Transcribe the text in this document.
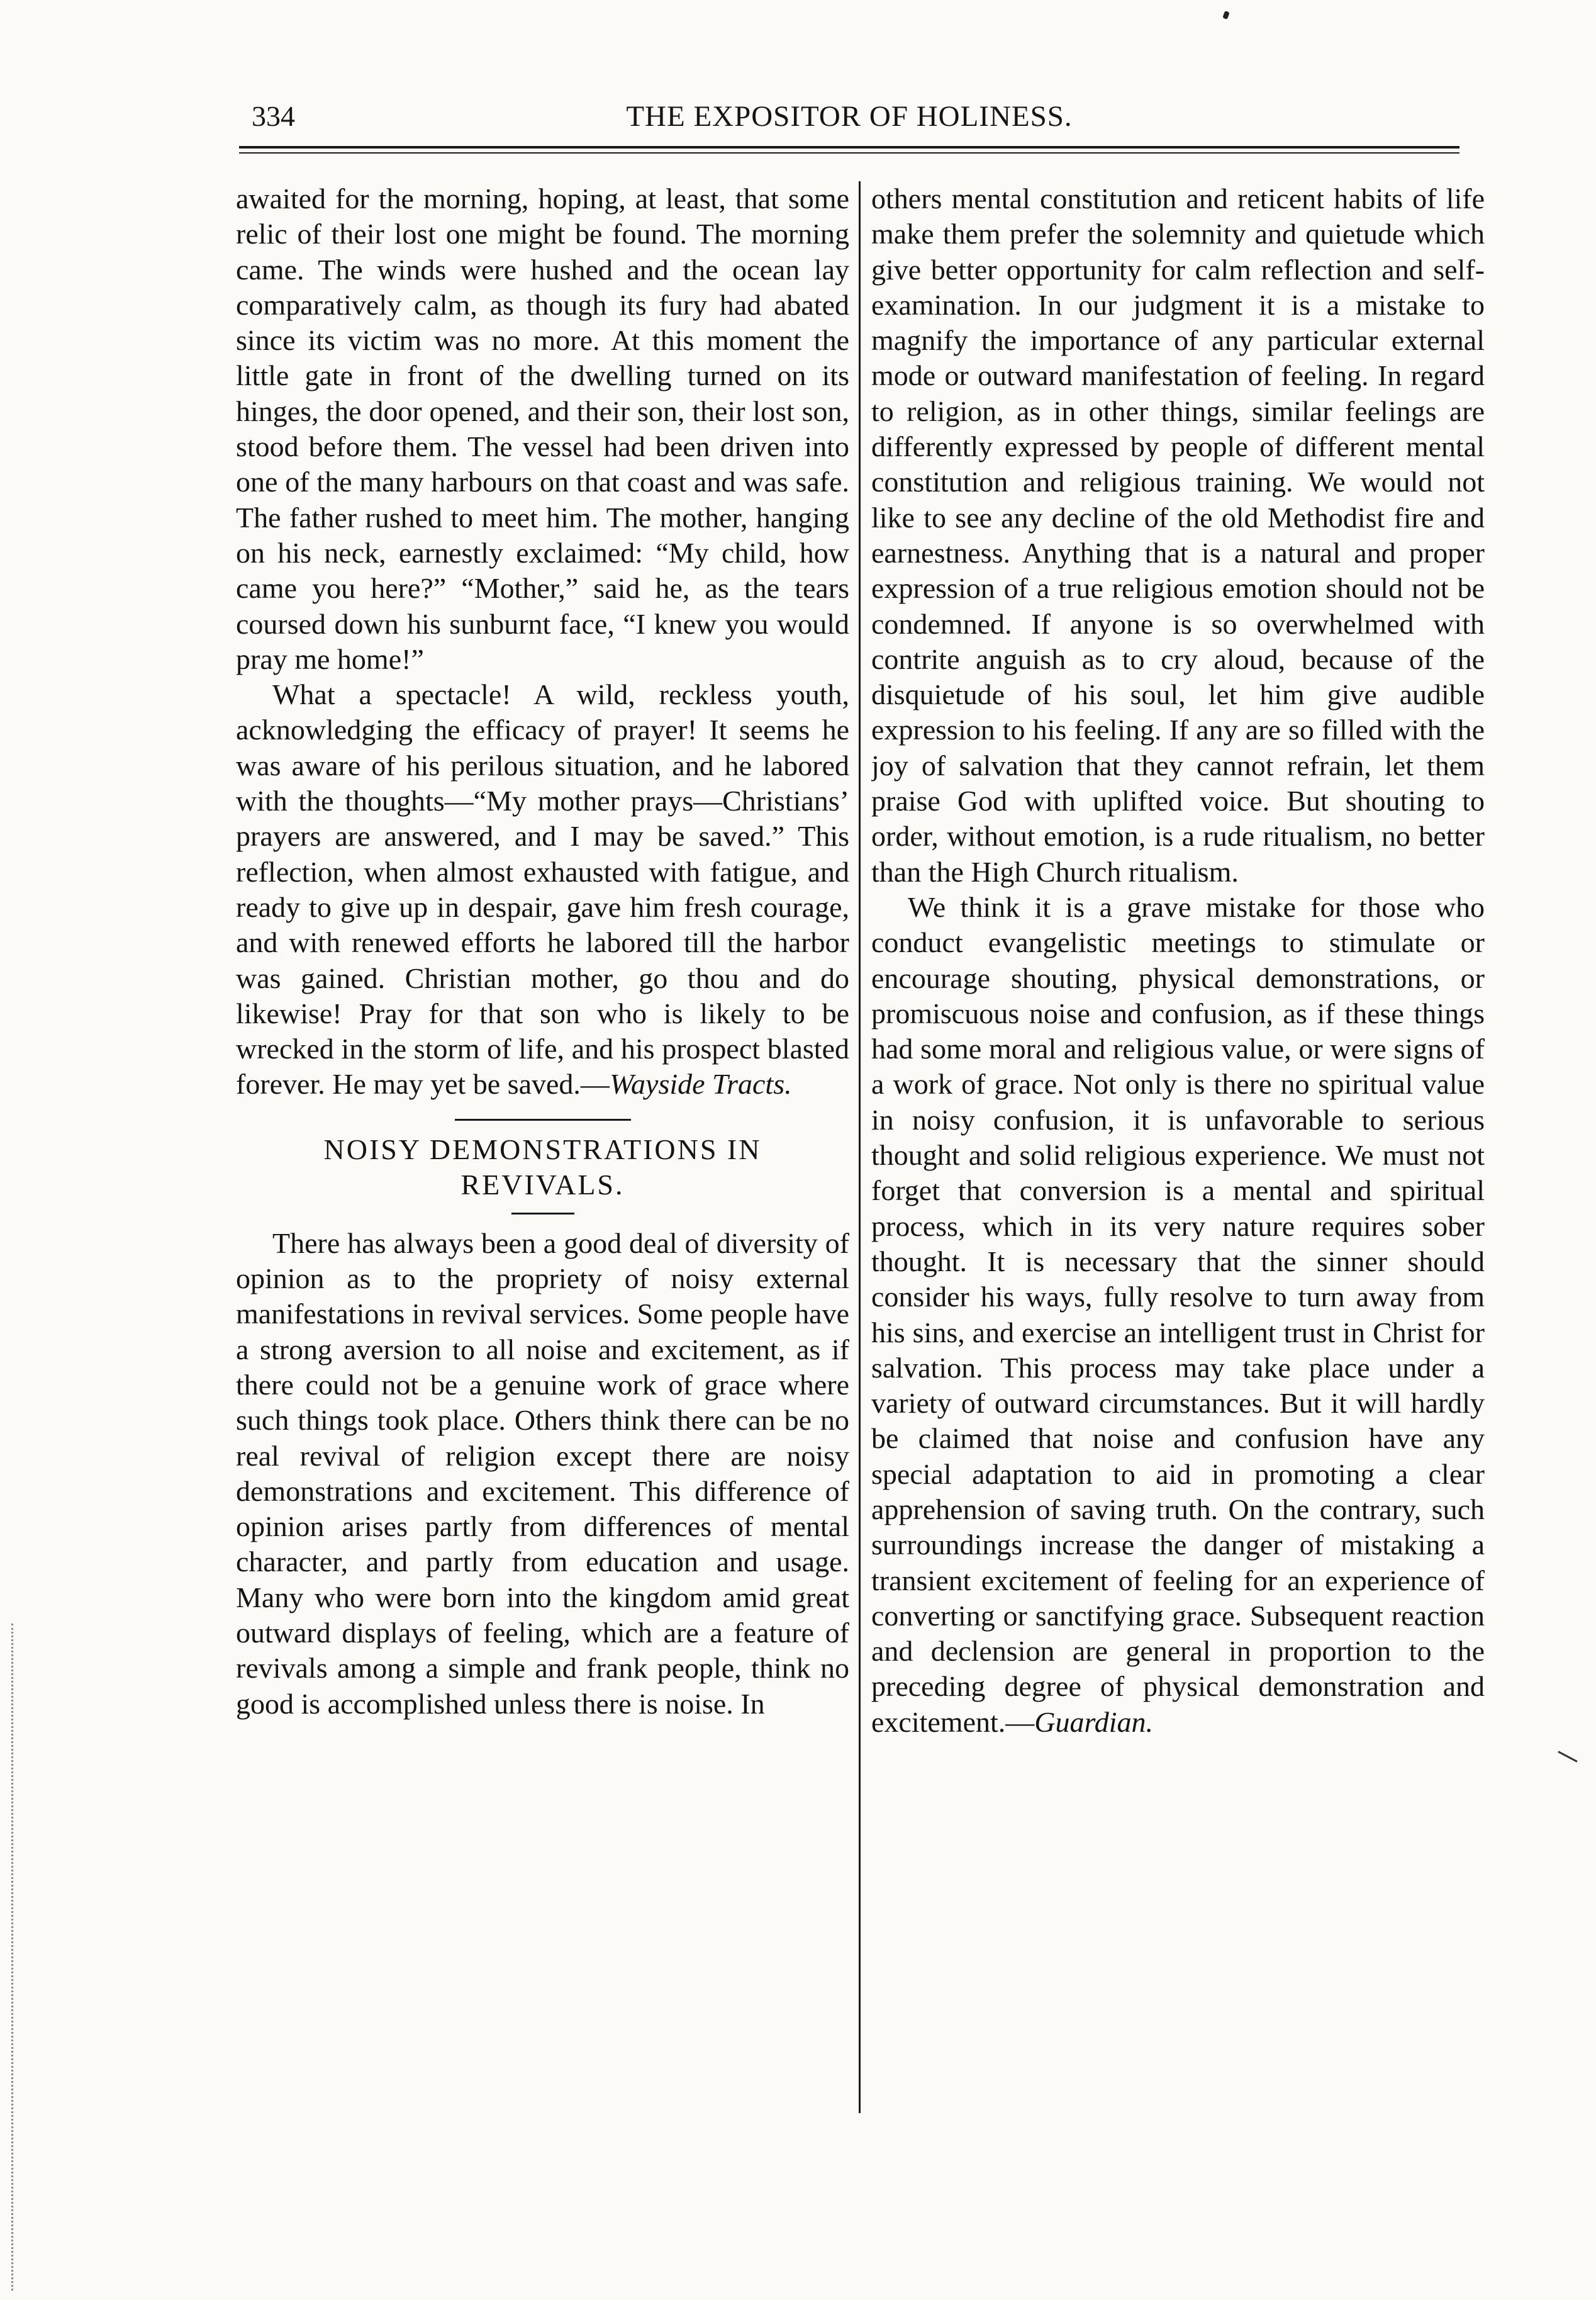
334	THE EXPOSITOR OF HOLINESS.

awaited for the morning, hoping, at least, that some relic of their lost one might be found. The morning came. The winds were hushed and the ocean lay comparatively calm, as though its fury had abated since its victim was no more. At this moment the little gate in front of the dwelling turned on its hinges, the door opened, and their son, their lost son, stood before them. The vessel had been driven into one of the many harbours on that coast and was safe. The father rushed to meet him. The mother, hanging on his neck, earnestly exclaimed: “My child, how came you here?” “Mother,” said he, as the tears coursed down his sunburnt face, “I knew you would pray me home!”

What a spectacle! A wild, reckless youth, acknowledging the efficacy of prayer! It seems he was aware of his perilous situation, and he labored with the thoughts—“My mother prays—Christians’ prayers are answered, and I may be saved.” This reflection, when almost exhausted with fatigue, and ready to give up in despair, gave him fresh courage, and with renewed efforts he labored till the harbor was gained. Christian mother, go thou and do likewise! Pray for that son who is likely to be wrecked in the storm of life, and his prospect blasted forever. He may yet be saved.—Wayside Tracts.

NOISY DEMONSTRATIONS IN REVIVALS.

There has always been a good deal of diversity of opinion as to the propriety of noisy external manifestations in revival services. Some people have a strong aversion to all noise and excitement, as if there could not be a genuine work of grace where such things took place. Others think there can be no real revival of religion except there are noisy demonstrations and excitement. This difference of opinion arises partly from differences of mental character, and partly from education and usage. Many who were born into the kingdom amid great outward displays of feeling, which are a feature of revivals among a simple and frank people, think no good is accomplished unless there is noise. In

others mental constitution and reticent habits of life make them prefer the solemnity and quietude which give better opportunity for calm reflection and self-examination. In our judgment it is a mistake to magnify the importance of any particular external mode or outward manifestation of feeling. In regard to religion, as in other things, similar feelings are differently expressed by people of different mental constitution and religious training. We would not like to see any decline of the old Methodist fire and earnestness. Anything that is a natural and proper expression of a true religious emotion should not be condemned. If anyone is so overwhelmed with contrite anguish as to cry aloud, because of the disquietude of his soul, let him give audible expression to his feeling. If any are so filled with the joy of salvation that they cannot refrain, let them praise God with uplifted voice. But shouting to order, without emotion, is a rude ritualism, no better than the High Church ritualism.

We think it is a grave mistake for those who conduct evangelistic meetings to stimulate or encourage shouting, physical demonstrations, or promiscuous noise and confusion, as if these things had some moral and religious value, or were signs of a work of grace. Not only is there no spiritual value in noisy confusion, it is unfavorable to serious thought and solid religious experience. We must not forget that conversion is a mental and spiritual process, which in its very nature requires sober thought. It is necessary that the sinner should consider his ways, fully resolve to turn away from his sins, and exercise an intelligent trust in Christ for salvation. This process may take place under a variety of outward circumstances. But it will hardly be claimed that noise and confusion have any special adaptation to aid in promoting a clear apprehension of saving truth. On the contrary, such surroundings increase the danger of mistaking a transient excitement of feeling for an experience of converting or sanctifying grace. Subsequent reaction and declension are general in proportion to the preceding degree of physical demonstration and excitement.—Guardian.
